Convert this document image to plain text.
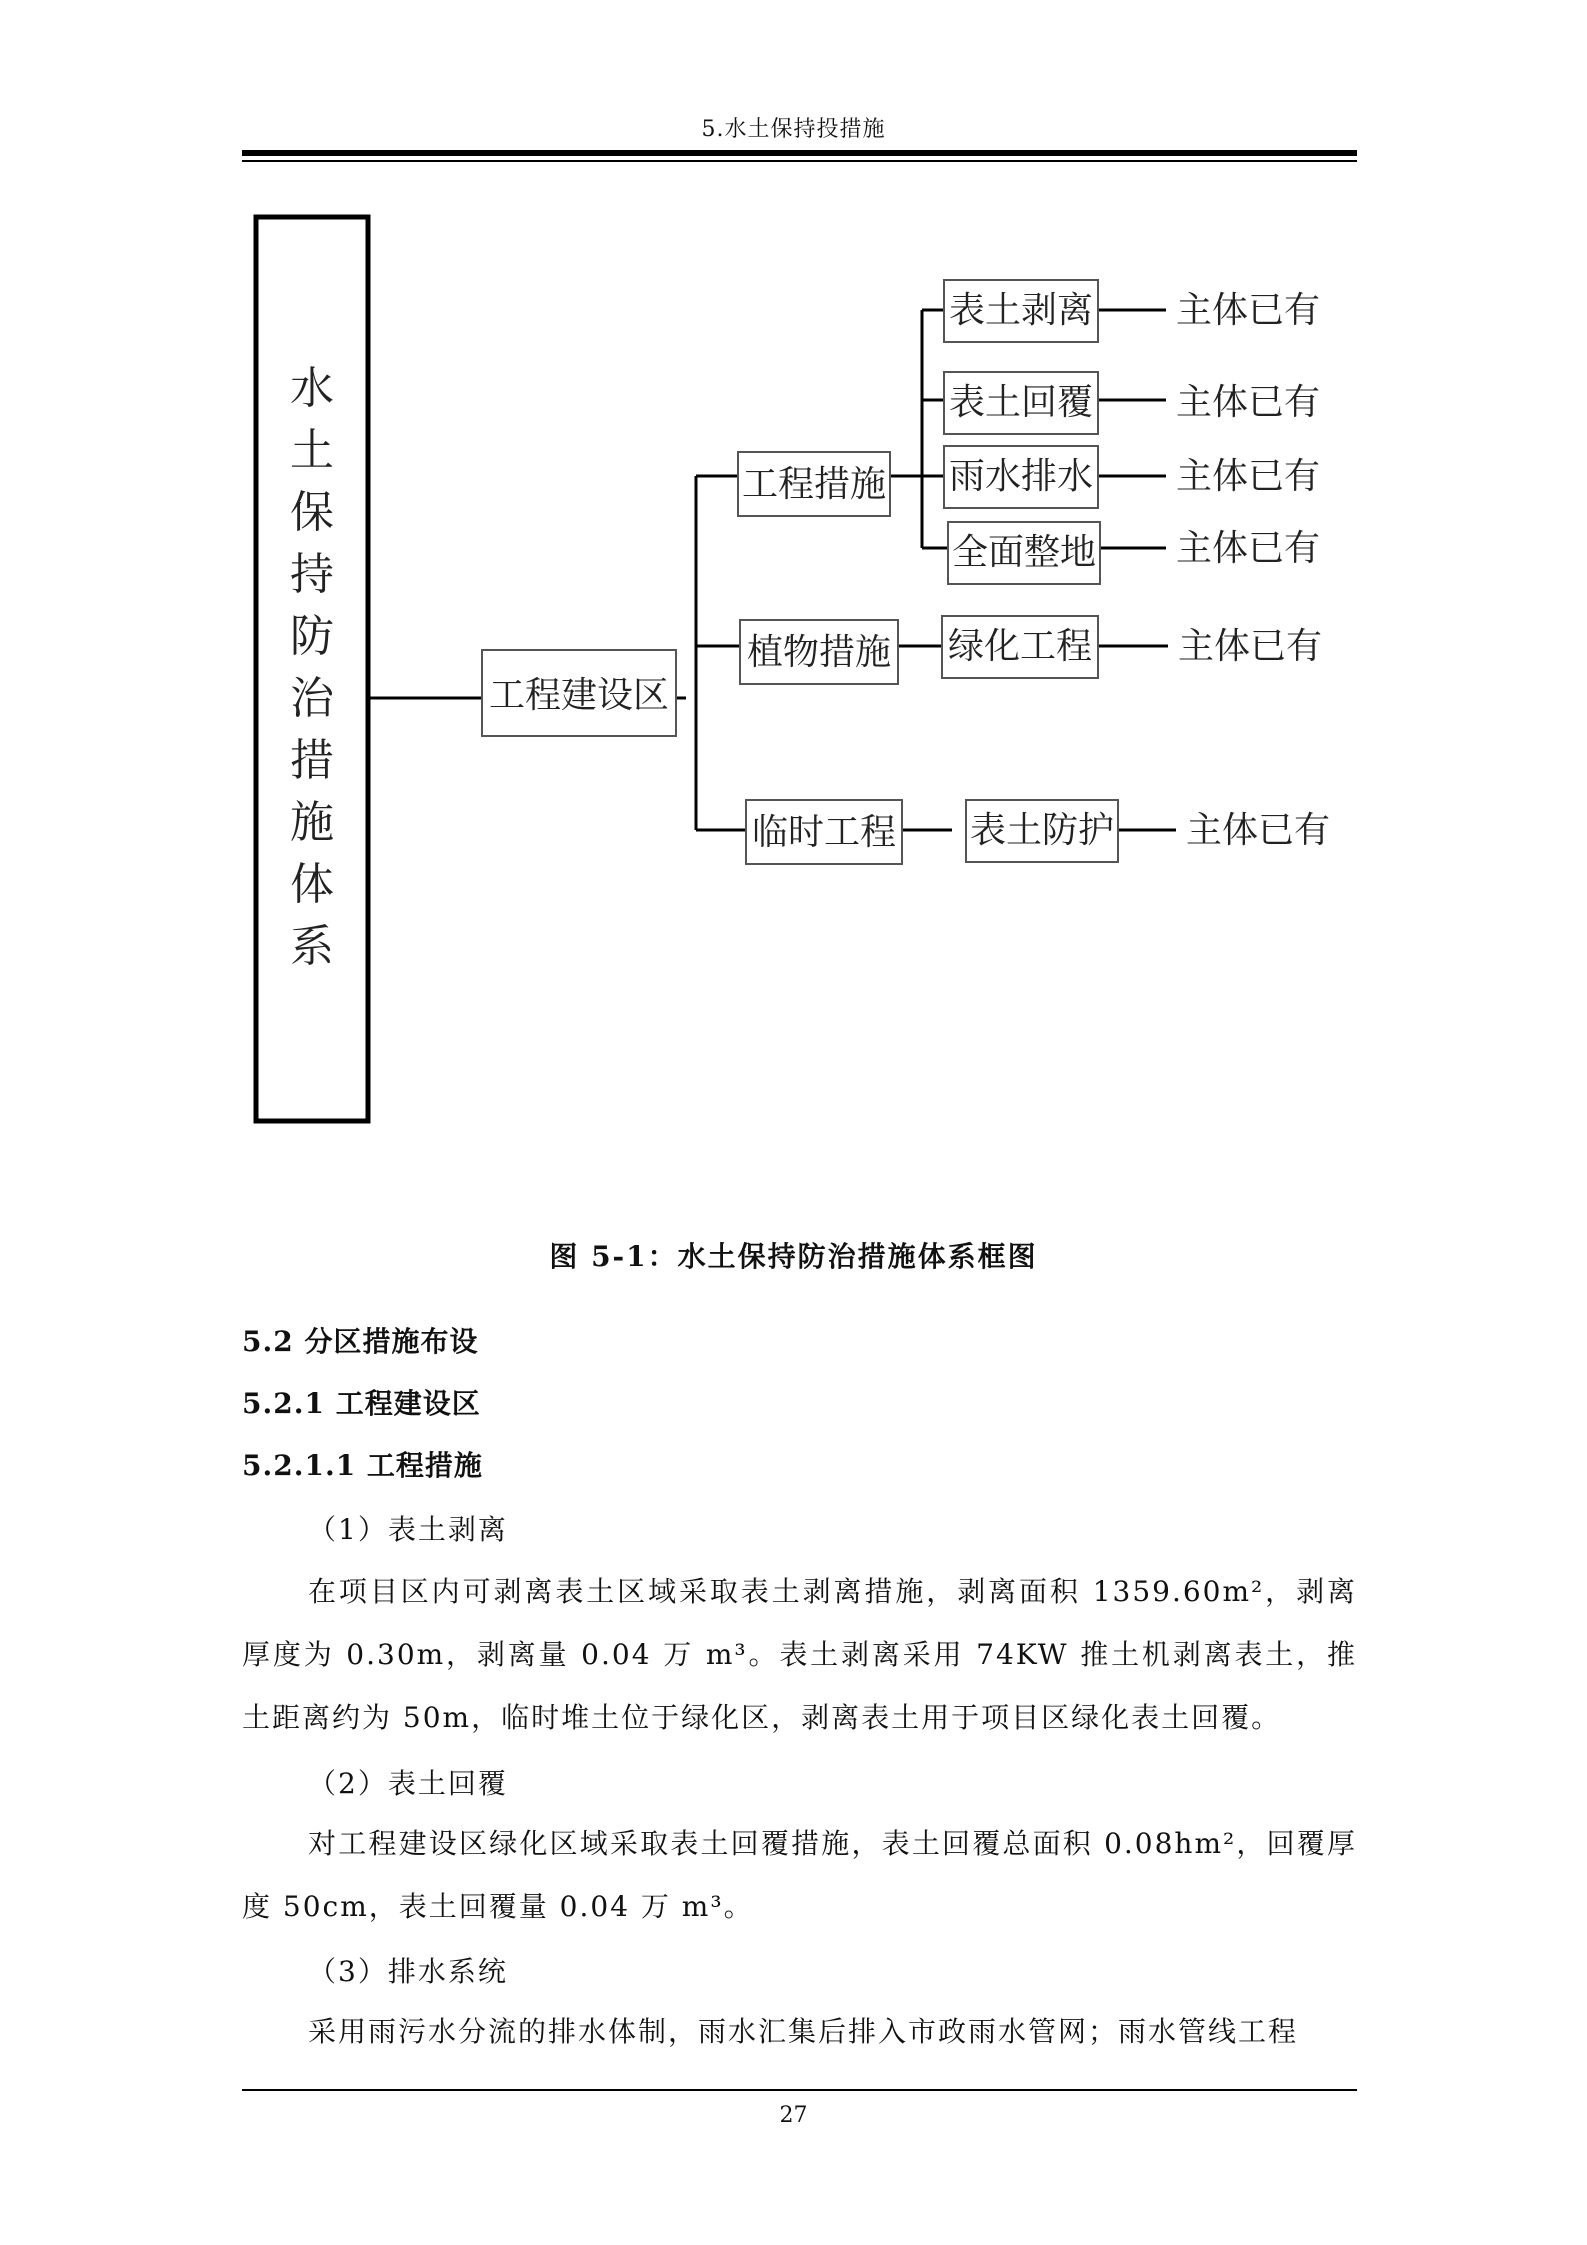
5.水土保持投措施
水
土
保
持
防
治
措
施
体
系
工程建设区
工程措施
植物措施
临时工程
表土剥离
表土回覆
雨水排水
全面整地
绿化工程
表土防护
主体已有
主体已有
主体已有
主体已有
主体已有
主体已有
图 5-1：水土保持防治措施体系框图
5.2 分区措施布设
5.2.1 工程建设区
5.2.1.1 工程措施
（1）表土剥离
在项目区内可剥离表土区域采取表土剥离措施，剥离面积 1359.60m²，剥离厚度为 0.30m，剥离量 0.04 万 m³。表土剥离采用 74KW 推土机剥离表土，推土距离约为 50m，临时堆土位于绿化区，剥离表土用于项目区绿化表土回覆。
（2）表土回覆
对工程建设区绿化区域采取表土回覆措施，表土回覆总面积 0.08hm²，回覆厚度 50cm，表土回覆量 0.04 万 m³。
（3）排水系统
采用雨污水分流的排水体制，雨水汇集后排入市政雨水管网；雨水管线工程
27
